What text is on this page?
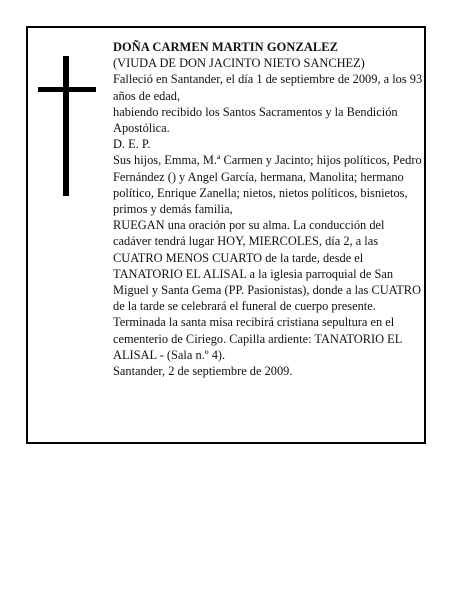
DOÑA CARMEN MARTIN GONZALEZ

(VIUDA DE DON JACINTO NIETO SANCHEZ)

Falleció en Santander, el día 1 de septiembre de 2009, a los 93 años de edad,

habiendo recibido los Santos Sacramentos y la Bendición Apostólica.

D. E. P.

Sus hijos, Emma, M.ª Carmen y Jacinto; hijos políticos, Pedro Fernández () y Angel García, hermana, Manolita; hermano político, Enrique Zanella; nietos, nietos políticos, bisnietos, primos y demás familia,

RUEGAN una oración por su alma. La conducción del cadáver tendrá lugar HOY, MIERCOLES, día 2, a las CUATRO MENOS CUARTO de la tarde, desde el TANATORIO EL ALISAL a la iglesia parroquial de San Miguel y Santa Gema (PP. Pasionistas), donde a las CUATRO de la tarde se celebrará el funeral de cuerpo presente. Terminada la santa misa recibirá cristiana sepultura en el cementerio de Ciriego. Capilla ardiente: TANATORIO EL ALISAL - (Sala n.º 4).

Santander, 2 de septiembre de 2009.
